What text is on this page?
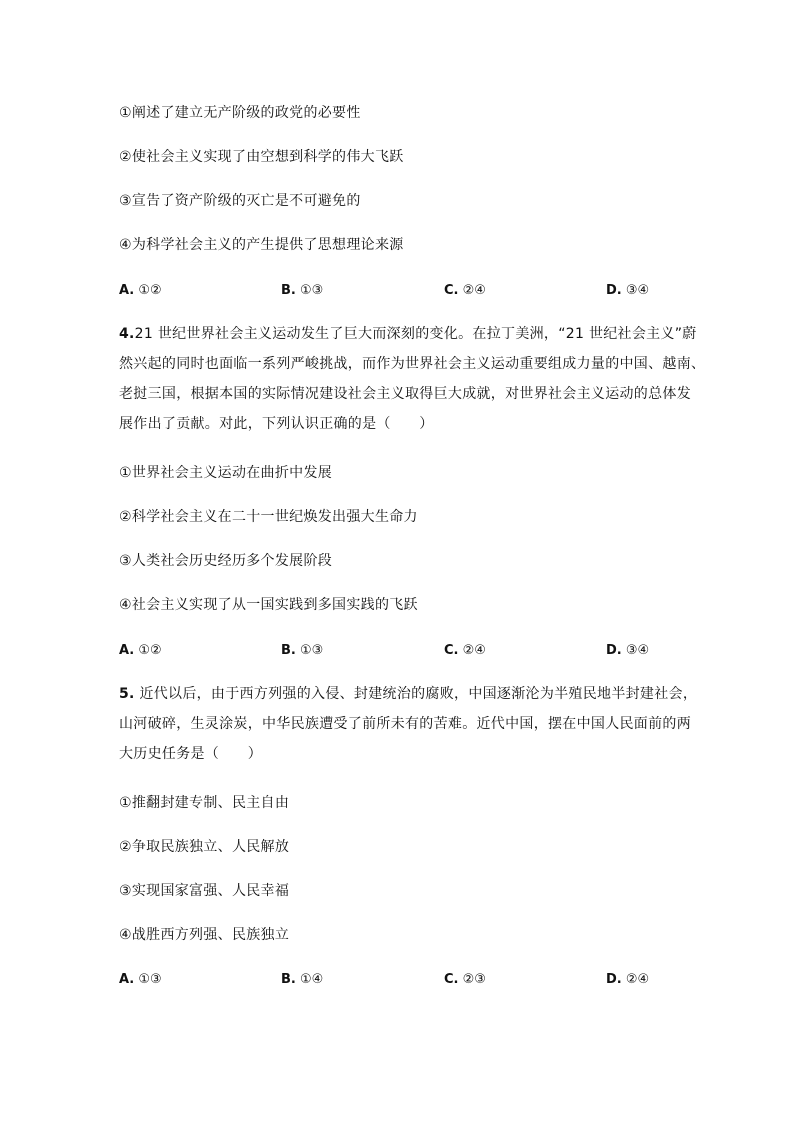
①阐述了建立无产阶级的政党的必要性
②使社会主义实现了由空想到科学的伟大飞跃
③宣告了资产阶级的灭亡是不可避免的
④为科学社会主义的产生提供了思想理论来源
A. ①②	B. ①③	C. ②④	D. ③④
4.21 世纪世界社会主义运动发生了巨大而深刻的变化。在拉丁美洲，“21 世纪社会主义”蔚
然兴起的同时也面临一系列严峻挑战，而作为世界社会主义运动重要组成力量的中国、越南、
老挝三国，根据本国的实际情况建设社会主义取得巨大成就，对世界社会主义运动的总体发
展作出了贡献。对此，下列认识正确的是（　　）
①世界社会主义运动在曲折中发展
②科学社会主义在二十一世纪焕发出强大生命力
③人类社会历史经历多个发展阶段
④社会主义实现了从一国实践到多国实践的飞跃
A. ①②	B. ①③	C. ②④	D. ③④
5. 近代以后，由于西方列强的入侵、封建统治的腐败，中国逐渐沦为半殖民地半封建社会，
山河破碎，生灵涂炭，中华民族遭受了前所未有的苦难。近代中国，摆在中国人民面前的两
大历史任务是（　　）
①推翻封建专制、民主自由
②争取民族独立、人民解放
③实现国家富强、人民幸福
④战胜西方列强、民族独立
A. ①③	B. ①④	C. ②③	D. ②④
